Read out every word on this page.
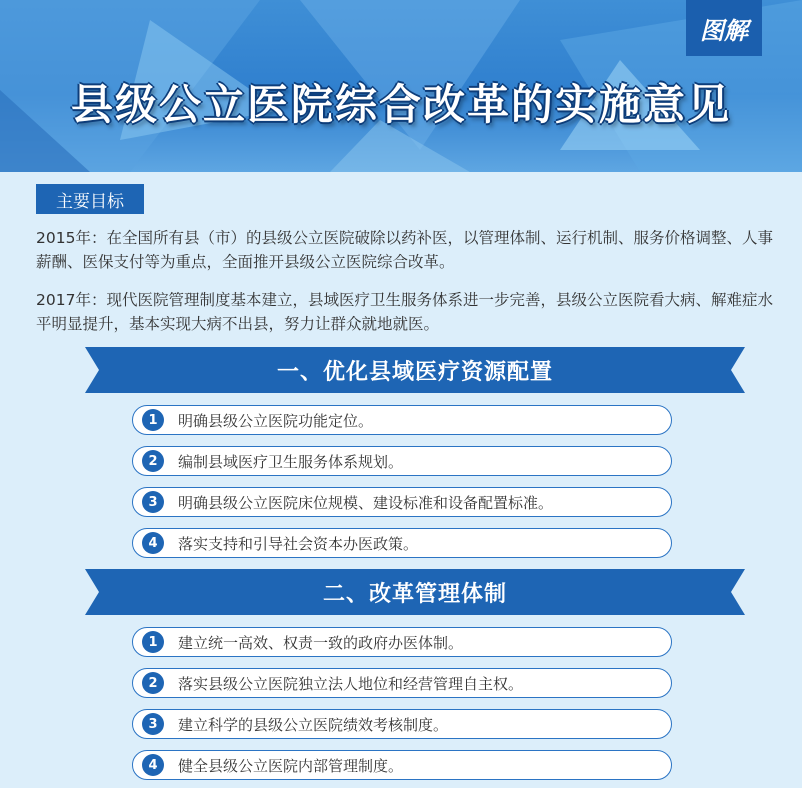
图解
县级公立医院综合改革的实施意见
主要目标
2015年：在全国所有县（市）的县级公立医院破除以药补医，以管理体制、运行机制、服务价格调整、人事薪酬、医保支付等为重点，全面推开县级公立医院综合改革。
2017年：现代医院管理制度基本建立，县域医疗卫生服务体系进一步完善，县级公立医院看大病、解难症水平明显提升，基本实现大病不出县，努力让群众就地就医。
一、优化县域医疗资源配置
1	明确县级公立医院功能定位。
2	编制县域医疗卫生服务体系规划。
3	明确县级公立医院床位规模、建设标准和设备配置标准。
4	落实支持和引导社会资本办医政策。
二、改革管理体制
1	建立统一高效、权责一致的政府办医体制。
2	落实县级公立医院独立法人地位和经营管理自主权。
3	建立科学的县级公立医院绩效考核制度。
4	健全县级公立医院内部管理制度。
